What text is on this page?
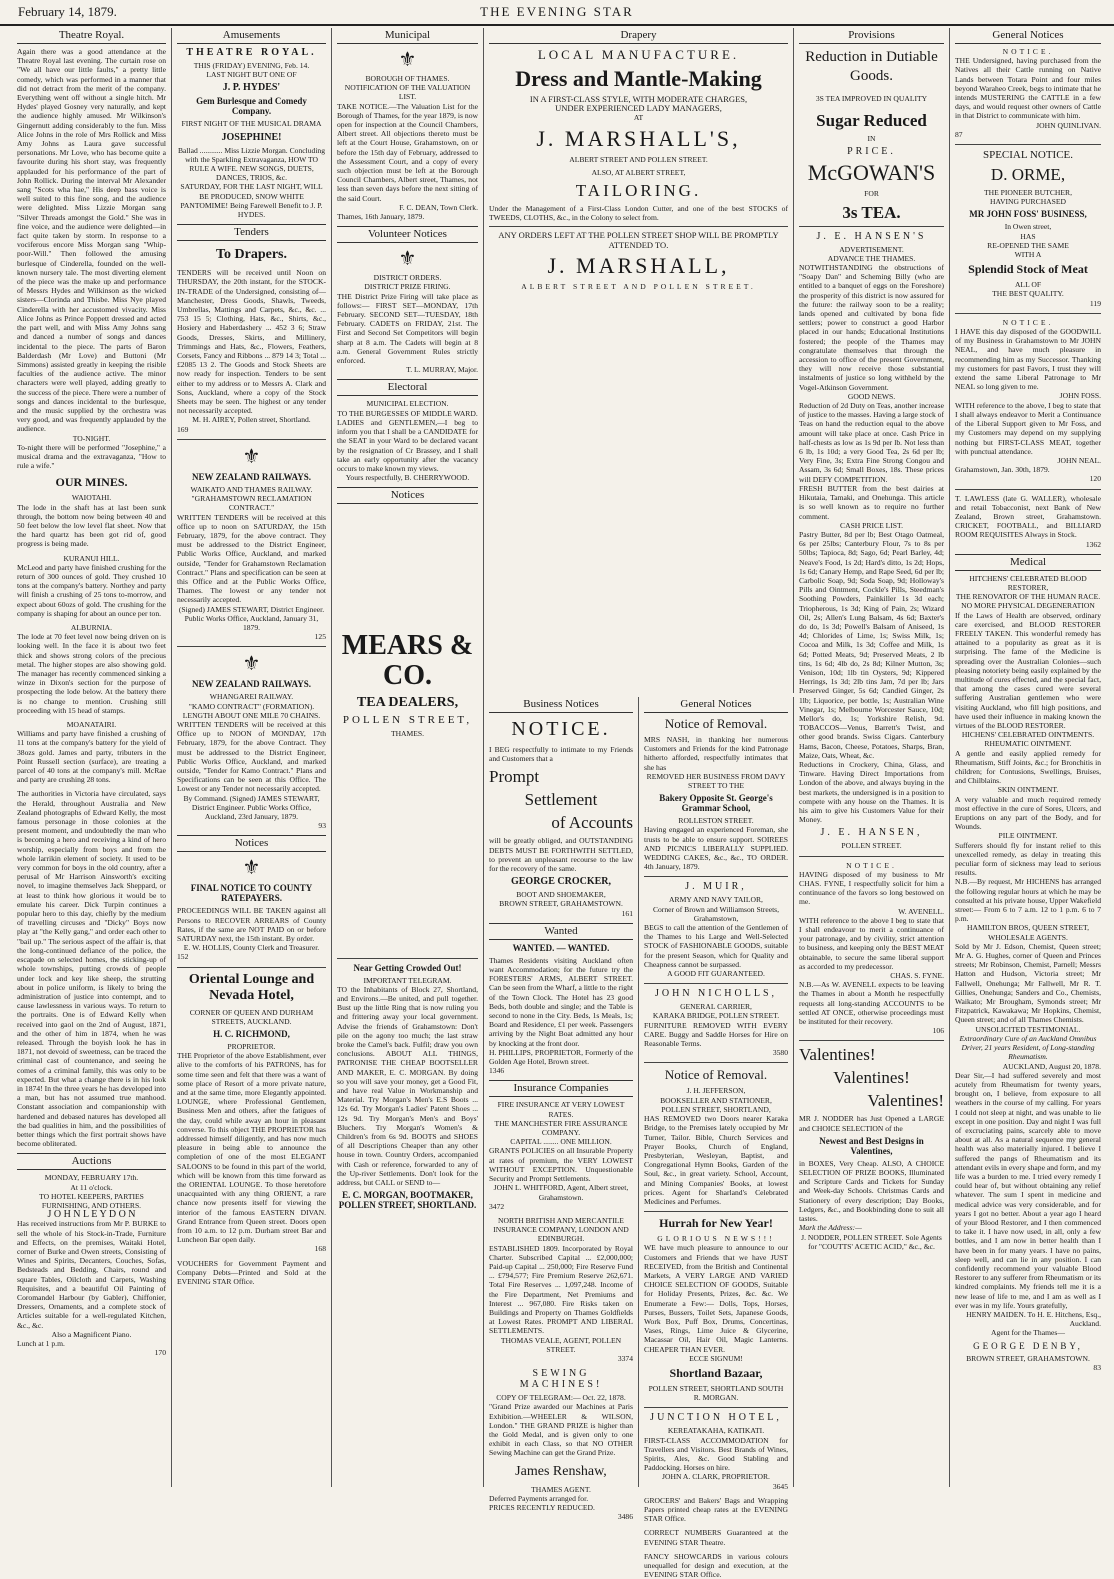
February 14, 1879.	THE EVENING STAR
Theatre Royal.
Again there was a good attendance at the Theatre Royal last evening. The curtain rose on "We all have our little faults," a pretty little comedy, which was performed in a manner that did not detract from the merit of the company. Everything went off without a single hitch. Mr Hydes' played Gosney very naturally, and kept the audience highly amused. Mr Wilkinson's Gingernutt adding considerably to the fun. Miss Alice Johns in the role of Mrs Rollick and Miss Amy Johns as Laura gave successful personations. Mr Love, who has become quite a favourite during his short stay, was frequently applauded for his performance of the part of John Rollick. During the interval Mr Alexander sang "Scots wha hae," His deep bass voice is well suited to this fine song, and the audience were delighted. Miss Lizzie Morgan sang "Silver Threads amongst the Gold." She was in fine voice, and the audience were delighted—in fact quite taken by storm. In response to a vociferous encore Miss Morgan sang "Whip-poor-Will." Then followed the amusing burlesque of Cinderella, founded on the well-known nursery tale. The most diverting element of the piece was the make up and performance of Messrs Hydes and Wilkinson as the wicked sisters—Clorinda and Thisbe. Miss Nye played Cinderella with her accustomed vivacity. Miss Alice Johns as Prince Poppett dressed and acted the part well, and with Miss Amy Johns sang and danced a number of songs and dances incidental to the piece. The parts of Baron Balderdash (Mr Love) and Buttoni (Mr Simmons) assisted greatly in keeping the risible faculties of the audience active. The minor characters were well played, adding greatly to the success of the piece. There were a number of songs and dances incidental to the burlesque, and the music supplied by the orchestra was very good, and was frequently applauded by the audience.
TO-NIGHT.
To-night there will be performed "Josephine," a musical drama and the extravaganza, "How to rule a wife."
OUR MINES.
WAIOTAHI.
The lode in the shaft has at last been sunk through, the bottom now being between 40 and 50 feet below the low level flat sheet. Now that the hard quartz has been got rid of, good progress is being made.
KURANUI HILL.
McLeod and party have finished crushing for the return of 300 ounces of gold. They crushed 10 tons at the company's battery. Northey and party will finish a crushing of 25 tons to-morrow, and expect about 60ozs of gold. The crushing for the company is shaping for about an ounce per ton.
ALBURNIA.
The lode at 70 feet level now being driven on is looking well. In the face it is about two feet thick and shows strong colors of the precious metal. The higher stopes are also showing gold. The manager has recently commenced sinking a winze in Dixon's section for the purpose of prospecting the lode below. At the battery there is no change to mention. Crushing still proceeding with 15 head of stamps.
MOANATAIRI.
Williams and party have finished a crushing of 11 tons at the company's battery for the yield of 38ozs gold. James and party, tributers in the Point Russell section (surface), are treating a parcel of 40 tons at the company's mill. McRae and party are crushing 28 tons.
The authorities in Victoria have circulated, says the Herald, throughout Australia and New Zealand photographs of Edward Kelly, the most famous personage in those colonies at the present moment, and undoubtedly the man who is becoming a hero and receiving a kind of hero worship, especially from boys and from the whole larrikin element of society. It used to be very common for boys in the old country, after a perusal of Mr Harrison Ainsworth's exciting novel, to imagine themselves Jack Sheppard, or at least to think how glorious it would be to emulate his career. Dick Turpin continues a popular hero to this day, chiefly by the medium of travelling circuses and "Dicky" Boys now play at "the Kelly gang," and order each other to "bail up." The serious aspect of the affair is, that the long-continued defiance of the police, the escapade on selected homes, the sticking-up of whole townships, putting crowds of people under lock and key like sheep, the strutting about in police uniform, is likely to bring the administration of justice into contempt, and to cause lawlessness in various ways. To return to the portraits. One is of Edward Kelly when received into gaol on the 2nd of August, 1871, and the other of him in 1874, when he was released. Through the boyish look he has in 1871, not devoid of sweetness, can be traced the criminal cast of countenance, and seeing he comes of a criminal family, this was only to be expected. But what a change there is in his look in 1874! In the three years he has developed into a man, but has not assumed true manhood. Constant association and companionship with hardened and debased natures has developed all the bad qualities in him, and the possibilities of better things which the first portrait shows have become obliterated.
Auctions
MONDAY, FEBRUARY 17th.
At 11 o'clock.
TO HOTEL KEEPERS, PARTIES FURNISHING, AND OTHERS.
J O H N L E Y D O N
Has received instructions from Mr P. BURKE to sell the whole of his Stock-in-Trade, Furniture and Effects, on the premises, Waitaki Hotel, corner of Burke and Owen streets, Consisting of Wines and Spirits, Decanters, Couches, Sofas, Bedsteads and Bedding, Chairs, round and square Tables, Oilcloth and Carpets, Washing Requisites, and a beautiful Oil Painting of Coromandel Harbour (by Gabler), Chiffonier, Dressers, Ornaments, and a complete stock of Articles suitable for a well-regulated Kitchen, &c., &c.
Also a Magnificent Piano.
Lunch at 1 p.m.
170
Amusements
THEATRE ROYAL.
THIS (FRIDAY) EVENING, Feb. 14.
LAST NIGHT BUT ONE OF
J. P. HYDES'
Gem Burlesque and Comedy Company.
FIRST NIGHT OF THE MUSICAL DRAMA
JOSEPHINE!
Ballad ............ Miss Lizzie Morgan. Concluding with the Sparkling Extravaganza, HOW TO RULE A WIFE. NEW SONGS, DUETS, DANCES, TRIOS, &c.
SATURDAY, FOR THE LAST NIGHT, WILL BE PRODUCED, SNOW WHITE PANTOMIME! Being Farewell Benefit to J. P. HYDES.
Tenders
To Drapers.
TENDERS will be received until Noon on THURSDAY, the 20th instant, for the STOCK-IN-TRADE of the Undersigned, consisting of— Manchester, Dress Goods, Shawls, Tweeds, Umbrellas, Mattings and Carpets, &c., &c. ... 753 15 5; Clothing, Hats, &c., Shirts, &c., Hosiery and Haberdashery ... 452 3 6; Straw Goods, Dresses, Skirts, and Millinery, Trimmings and Hats, &c., Flowers, Feathers, Corsets, Fancy and Ribbons ... 879 14 3; Total ... £2085 13 2. The Goods and Stock Sheets are now ready for inspection. Tenders to be sent either to my address or to Messrs A. Clark and Sons, Auckland, where a copy of the Stock Sheets may be seen. The highest or any tender not necessarily accepted.
M. H. AIREY, Pollen street, Shortland.
169
⚜
NEW ZEALAND RAILWAYS.
WAIKATO AND THAMES RAILWAY.
"GRAHAMSTOWN RECLAMATION CONTRACT."
WRITTEN TENDERS will be received at this office up to noon on SATURDAY, the 15th February, 1879, for the above contract. They must be addressed to the District Engineer, Public Works Office, Auckland, and marked outside, "Tender for Grahamstown Reclamation Contract." Plans and specification can be seen at this Office and at the Public Works Office, Thames. The lowest or any tender not necessarily accepted.
(Signed) JAMES STEWART, District Engineer. Public Works Office, Auckland, January 31, 1879.
125
⚜
NEW ZEALAND RAILWAYS.
WHANGAREI RAILWAY.
"KAMO CONTRACT" (FORMATION).
LENGTH ABOUT ONE MILE 70 CHAINS.
WRITTEN TENDERS will be received at this Office up to NOON of MONDAY, 17th February, 1879, for the above Contract. They must be addressed to the District Engineer, Public Works Office, Auckland, and marked outside, "Tender for Kamo Contract." Plans and Specifications can be seen at this Office. The Lowest or any Tender not necessarily accepted.
By Command. (Signed) JAMES STEWART, District Engineer. Public Works Office, Auckland, 23rd January, 1879.
93
Notices
⚜
FINAL NOTICE TO COUNTY RATEPAYERS.
PROCEEDINGS WILL BE TAKEN against all Persons to RECOVER ARREARS of County Rates, if the same are NOT PAID on or before SATURDAY next, the 15th instant. By order.
E. W. HOLLIS, County Clerk and Treasurer.
152
Oriental Lounge and Nevada Hotel,
CORNER OF QUEEN AND DURHAM STREETS, AUCKLAND.
H. C. RICHMOND,
PROPRIETOR.
THE Proprietor of the above Establishment, ever alive to the comforts of his PATRONS, has for some time seen and felt that there was a want of some place of Resort of a more private nature, and at the same time, more Elegantly appointed. LOUNGE, where Professional Gentlemen, Business Men and others, after the fatigues of the day, could while away an hour in pleasant converse. To this object THE PROPRIETOR has addressed himself diligently, and has now much pleasure in being able to announce the completion of one of the most ELEGANT SALOONS to be found in this part of the world, which will be known from this time forward as the ORIENTAL LOUNGE. To those heretofore unacquainted with any thing ORIENT, a rare chance now presents itself for viewing the interior of the famous EASTERN DIVAN. Grand Entrance from Queen street. Doors open from 10 a.m. to 12 p.m. Durham street Bar and Luncheon Bar open daily.
168
VOUCHERS for Government Payment and Company Debts—Printed and Sold at the EVENING STAR Office.
Municipal
⚜
BOROUGH OF THAMES.
NOTIFICATION OF THE VALUATION LIST.
TAKE NOTICE.—The Valuation List for the Borough of Thames, for the year 1879, is now open for inspection at the Council Chambers, Albert street. All objections thereto must be left at the Court House, Grahamstown, on or before the 15th day of February, addressed to the Assessment Court, and a copy of every such objection must be left at the Borough Council Chambers, Albert street, Thames, not less than seven days before the next sitting of the said Court.
F. C. DEAN, Town Clerk.
Thames, 16th January, 1879.
Volunteer Notices
⚜
DISTRICT ORDERS.
DISTRICT PRIZE FIRING.
THE District Prize Firing will take place as follows:— FIRST SET—MONDAY, 17th February. SECOND SET—TUESDAY, 18th February. CADETS on FRIDAY, 21st. The First and Second Set Competitors will begin sharp at 8 a.m. The Cadets will begin at 8 a.m. General Government Rules strictly enforced.
T. L. MURRAY, Major.
Electoral
MUNICIPAL ELECTION.
TO THE BURGESSES OF MIDDLE WARD.
LADIES and GENTLEMEN,—I beg to inform you that I shall be a CANDIDATE for the SEAT in your Ward to be declared vacant by the resignation of Cr Brassey, and I shall take an early opportunity after the vacancy occurs to make known my views.
Yours respectfully, B. CHERRYWOOD.
Notices
MEARS & CO.
TEA DEALERS,
POLLEN STREET,
THAMES.
Near Getting Crowded Out!
IMPORTANT TELEGRAM.
TO the Inhabitants of Block 27, Shortland, and Environs.—Be united, and pull together. Bust up the little Ring that is now ruling you and frittering away your local government. Advise the friends of Grahamstown: Don't pile on the agony too much; the last straw broke the Camel's back. Fulfil; draw you own conclusions. ABOUT ALL THINGS, PATRONISE THE CHEAP BOOTSELLER AND MAKER, E. C. MORGAN. By doing so you will save your money, get a Good Fit, and have real Value in Workmanship and Material. Try Morgan's Men's E.S Boots ... 12s 6d. Try Morgan's Ladies' Patent Shoes ... 12s 9d. Try Morgan's Men's and Boys' Bluchers. Try Morgan's Women's & Children's from 6s 9d. BOOTS and SHOES of all Descriptions Cheaper than any other house in town. Country Orders, accompanied with Cash or reference, forwarded to any of the Up-river Settlements. Don't look for the address, but CALL or SEND to—
E. C. MORGAN, BOOTMAKER, POLLEN STREET, SHORTLAND.
Drapery
LOCAL MANUFACTURE.
Dress and Mantle-Making
IN A FIRST-CLASS STYLE, WITH MODERATE CHARGES,
UNDER EXPERIENCED LADY MANAGERS,
AT
J. MARSHALL'S,
ALBERT STREET AND POLLEN STREET.
ALSO, AT ALBERT STREET,
TAILORING.
Under the Management of a First-Class London Cutter, and one of the best STOCKS of TWEEDS, CLOTHS, &c., in the Colony to select from.
ANY ORDERS LEFT AT THE POLLEN STREET SHOP WILL BE PROMPTLY ATTENDED TO.
J. MARSHALL,
ALBERT STREET AND POLLEN STREET.
Business Notices
NOTICE.
I BEG respectfully to intimate to my Friends and Customers that a
Prompt
Settlement
of Accounts
will be greatly obliged, and OUTSTANDING DEBTS MUST BE FORTHWITH SETTLED, to prevent an unpleasant recourse to the law for the recovery of the same.
GEORGE CROCKER,
BOOT AND SHOEMAKER,
BROWN STREET, GRAHAMSTOWN.
161
Wanted
WANTED. — WANTED.
Thames Residents visiting Auckland often want Accommodation; for the future try the FORESTERS' ARMS, ALBERT STREET. Can be seen from the Wharf, a little to the right of the Town Clock. The Hotel has 23 good Beds, both double and single; and the Table is second to none in the City. Beds, 1s Meals, 1s; Board and Residence, £1 per week. Passengers arriving by the Night Boat admitted any hour by knocking at the front door.
H. PHILLIPS, PROPRIETOR, Formerly of the Golden Age Hotel, Brown street.
1346
Insurance Companies
FIRE INSURANCE AT VERY LOWEST RATES.
THE MANCHESTER FIRE ASSURANCE COMPANY.
CAPITAL ........ ONE MILLION.
GRANTS POLICIES on all Insurable Property at rates of premium, the VERY LOWEST WITHOUT EXCEPTION. Unquestionable Security and Prompt Settlements.
JOHN L. WHITFORD, Agent, Albert street, Grahamstown.
3472
NORTH BRITISH AND MERCANTILE INSURANCE COMPANY, LONDON AND EDINBURGH.
ESTABLISHED 1809. Incorporated by Royal Charter. Subscribed Capital ... £2,000,000; Paid-up Capital ... 250,000; Fire Reserve Fund ... £794,577; Fire Premium Reserve 262,671. Total Fire Reserves ... 1,097,248. Income of the Fire Department, Net Premiums and Interest ... 967,080. Fire Risks taken on Buildings and Property on Thames Goldfields at Lowest Rates. PROMPT AND LIBERAL SETTLEMENTS.
THOMAS VEALE, AGENT, POLLEN STREET.
3374
SEWING MACHINES!
COPY OF TELEGRAM:— Oct. 22, 1878.
"Grand Prize awarded our Machines at Paris Exhibition.—WHEELER & WILSON, London." THE GRAND PRIZE is higher than the Gold Medal, and is given only to one exhibit in each Class, so that NO OTHER Sewing Machine can get the Grand Prize.
James Renshaw,
THAMES AGENT.
Deferred Payments arranged for.
PRICES RECENTLY REDUCED.
3486
General Notices
Notice of Removal.
MRS NASH, in thanking her numerous Customers and Friends for the kind Patronage hitherto afforded, respectfully intimates that she has
REMOVED HER BUSINESS FROM DAVY STREET TO THE
Bakery Opposite St. George's Grammar School,
ROLLESTON STREET.
Having engaged an experienced Foreman, she trusts to be able to ensure support. SOIREES AND PICNICS LIBERALLY SUPPLIED. WEDDING CAKES, &c., &c., TO ORDER. 4th January, 1879.
J. MUIR,
ARMY AND NAVY TAILOR,
Corner of Brown and Williamson Streets, Grahamstown,
BEGS to call the attention of the Gentlemen of the Thames to his Large and Well-Selected STOCK of FASHIONABLE GOODS, suitable for the present Season, which for Quality and Cheapness cannot be surpassed.
A GOOD FIT GUARANTEED.
JOHN NICHOLLS,
GENERAL CARRIER,
KARAKA BRIDGE, POLLEN STREET.
FURNITURE REMOVED WITH EVERY CARE. Buggy and Saddle Horses for Hire on Reasonable Terms.
3580
Notice of Removal.
J. H. JEFFERSON,
BOOKSELLER AND STATIONER,
POLLEN STREET, SHORTLAND,
HAS REMOVED two Doors nearer Karaka Bridge, to the Premises lately occupied by Mr Turner, Tailor. Bible, Church Services and Prayer Books, Church of England, Presbyterian, Wesleyan, Baptist, and Congregational Hymn Books, Garden of the Soul, &c., in great variety. School, Account, and Mining Companies' Books, at lowest prices. Agent for Sharland's Celebrated Medicines and Perfumes.
Hurrah for New Year!
GLORIOUS NEWS!!!
WE have much pleasure to announce to our Customers and Friends that we have JUST RECEIVED, from the British and Continental Markets, A VERY LARGE AND VARIED CHOICE SELECTION OF GOODS, Suitable for Holiday Presents, Prizes, &c. &c. We Enumerate a Few:— Dolls, Tops, Horses, Purses, Bussers, Toilet Sets, Japanese Goods, Work Box, Puff Box, Drums, Concertinas, Vases, Rings, Lime Juice & Glycerine, Macassar Oil, Hair Oil, Magic Lanterns. CHEAPER THAN EVER.
ECCE SIGNUM!
Shortland Bazaar,
POLLEN STREET, SHORTLAND SOUTH
R. MORGAN.
JUNCTION HOTEL,
KEREATAKAHA, KATIKATI.
FIRST-CLASS ACCOMMODATION for Travellers and Visitors. Best Brands of Wines, Spirits, Ales, &c. Good Stabling and Paddocking. Horses on hire.
JOHN A. CLARK, PROPRIETOR.
3645
GROCERS' and Bakers' Bags and Wrapping Papers printed cheap rates at the EVENING STAR Office.
CORRECT NUMBERS Guaranteed at the EVENING STAR Theatre.
FANCY SHOWCARDS in various colours unequalled for design and execution, at the EVENING STAR Office.
Provisions
Reduction in Dutiable Goods.
3S TEA IMPROVED IN QUALITY
Sugar Reduced
IN
PRICE.
McGOWAN'S
FOR
3s TEA.
J. E. HANSEN'S
ADVERTISEMENT.
ADVANCE THE THAMES.
NOTWITHSTANDING the obstructions of "Soapy Dan" and Scheming Billy (who are entitled to a banquet of eggs on the Foreshore) the prosperity of this district is now assured for the future: the railway soon to be a reality; lands opened and cultivated by bona fide settlers; power to construct a good Harbor placed in our hands; Educational Institutions fostered; the people of the Thames may congratulate themselves that through the accession to office of the present Government, they will now receive those substantial instalments of justice so long withheld by the Vogel-Atkinson Government.
GOOD NEWS.
Reduction of 2d Duty on Teas, another increase of justice to the masses. Having a large stock of Teas on hand the reduction equal to the above amount will take place at once. Cash Price in half-chests as low as 1s 9d per lb. Not less than 6 lb, 1s 10d; a very Good Tea, 2s 6d per lb; Very Fine, 3s; Extra Fine Strong Congou and Assam, 3s 6d; Small Boxes, 18s. These prices will DEFY COMPETITION.
FRESH BUTTER from the best dairies at Hikutaia, Tamaki, and Onehunga. This article is so well known as to require no further comment.
CASH PRICE LIST.
Pastry Butter, 8d per lb; Best Otago Oatmeal, 6s per 25lbs; Canterbury Flour, 7s to 8s per 50lbs; Tapioca, 8d; Sago, 6d; Pearl Barley, 4d; Neave's Food, 1s 2d; Hard's ditto, 1s 2d; Hops, 1s 6d; Canary Hemp, and Rape Seed, 6d per lb; Carbolic Soap, 9d; Soda Soap, 9d; Holloway's Pills and Ointment, Cockle's Pills, Steedman's Soothing Powders, Painkiller 1s 3d each; Triopherous, 1s 3d; King of Pain, 2s; Wizard Oil, 2s; Allen's Lung Balsam, 4s 6d; Baxter's do do, 1s 3d; Powell's Balsam of Aniseed, 1s 4d; Chlorides of Lime, 1s; Swiss Milk, 1s; Cocoa and Milk, 1s 3d; Coffee and Milk, 1s 6d; Potted Meats, 9d; Preserved Meats, 2 lb tins, 1s 6d; 4lb do, 2s 8d; Kilner Mutton, 3s; Venison, 10d; 1lb tin Oysters, 9d; Kippered Herrings, 1s 3d; 2lb tins Jam, 7d per lb; Jars Preserved Ginger, 5s 6d; Candied Ginger, 2s 1lb; Liquorice, per bottle, 1s; Australian Wine Vinegar, 1s; Melbourne Worcester Sauce, 10d; Mellor's do, 1s; Yorkshire Relish, 9d. TOBACCOS—Venus, Barrett's Twist, and other good brands. Swiss Cigars. Canterbury Hams, Bacon, Cheese, Potatoes, Sharps, Bran, Maize, Oats, Wheat, &c.
Reductions in Crockery, China, Glass, and Tinware. Having Direct Importations from London of the above, and always buying in the best markets, the undersigned is in a position to compete with any house on the Thames. It is his aim to give his Customers Value for their Money.
J. E. HANSEN,
POLLEN STREET.
NOTICE.
HAVING disposed of my business to Mr CHAS. FYNE, I respectfully solicit for him a continuance of the favors so long bestowed on me.
W. AVENELL.
WITH reference to the above I beg to state that I shall endeavour to merit a continuance of your patronage, and by civility, strict attention to business, and keeping only the BEST MEAT obtainable, to secure the same liberal support as accorded to my predecessor.
CHAS. S. FYNE.
N.B.—As W. AVENELL expects to be leaving the Thames in about a Month he respectfully requests all long-standing ACCOUNTS to be settled AT ONCE, otherwise proceedings must be instituted for their recovery.
106
Valentines!
Valentines!
Valentines!
MR J. NODDER has Just Opened a LARGE and CHOICE SELECTION of the
Newest and Best Designs in Valentines,
in BOXES, Very Cheap. ALSO, A CHOICE SELECTION OF PRIZE BOOKS, Illuminated and Scripture Cards and Tickets for Sunday and Week-day Schools. Christmas Cards and Stationery of every description; Day Books, Ledgers, &c., and Bookbinding done to suit all tastes.
Mark the Address:—
J. NODDER, POLLEN STREET. Sole Agents for "COUTTS' ACETIC ACID," &c., &c.
General Notices
NOTICE.
THE Undersigned, having purchased from the Natives all their Cattle running on Native Lands between Totara Point and four miles beyond Waraheo Creek, begs to intimate that he intends MUSTERING the CATTLE in a few days, and would request other owners of Cattle in that District to communicate with him.
JOHN QUINLIVAN.
87
SPECIAL NOTICE.
D. ORME,
THE PIONEER BUTCHER,
HAVING PURCHASED
MR JOHN FOSS' BUSINESS,
In Owen street,
HAS
RE-OPENED THE SAME
WITH A
Splendid Stock of Meat
ALL OF
THE BEST QUALITY.
119
NOTICE.
I HAVE this day disposed of the GOODWILL of my Business in Grahamstown to Mr JOHN NEAL, and have much pleasure in recommending him as my Successor. Thanking my customers for past Favors, I trust they will extend the same Liberal Patronage to Mr NEAL so long given to me.
JOHN FOSS.
WITH reference to the above, I beg to state that I shall always endeavor to Merit a Continuance of the Liberal Support given to Mr Foss, and my Customers may depend on my supplying nothing but FIRST-CLASS MEAT, together with punctual attendance.
JOHN NEAL.
Grahamstown, Jan. 30th, 1879.
120
T. LAWLESS (late G. WALLER), wholesale and retail Tobacconist, next Bank of New Zealand, Brown street, Grahamstown. CRICKET, FOOTBALL, and BILLIARD ROOM REQUISITES Always in Stock.
1362
Medical
HITCHENS' CELEBRATED BLOOD RESTORER,
THE RENOVATOR OF THE HUMAN RACE.
NO MORE PHYSICAL DEGENERATION
If the Laws of Health are observed, ordinary care exercised, and BLOOD RESTORER FREELY TAKEN. This wonderful remedy has attained to a popularity as great as it is surprising. The fame of the Medicine is spreading over the Australian Colonies—such pleasing notoriety being easily explained by the multitude of cures effected, and the special fact, that among the cases cured were several suffering Australian gentlemen who were visiting Auckland, who fill high positions, and have used their influence in making known the virtues of the BLOOD RESTORER.
HICHENS' CELEBRATED OINTMENTS.
RHEUMATIC OINTMENT.
A gentle and easily applied remedy for Rheumatism, Stiff Joints, &c.; for Bronchitis in children; for Contusions, Swellings, Bruises, and Chilblains.
SKIN OINTMENT.
A very valuable and much required remedy most effective in the cure of Sores, Ulcers, and Eruptions on any part of the Body, and for Wounds.
PILE OINTMENT.
Sufferers should fly for instant relief to this unexcelled remedy, as delay in treating this peculiar form of sickness may lead to serious results.
N.B.—By request, Mr HICHENS has arranged the following regular hours at which he may be consulted at his private house, Upper Wakefield street:— From 6 to 7 a.m. 12 to 1 p.m. 6 to 7 p.m.
HAMILTON BROS, QUEEN STREET, WHOLESALE AGENTS.
Sold by Mr J. Edson, Chemist, Queen street; Mr A. G. Hughes, corner of Queen and Princes streets; Mr Robinson, Chemist, Parnell; Messrs Hatton and Hudson, Victoria street; Mr Fallwell, Onehunga; Mr Fallwell, Mr R. T. Gillies, Onehunga; Sanders and Co., Chemists, Waikato; Mr Brougham, Symonds street; Mr Fitzpatrick, Kawakawa; Mr Hopkins, Chemist, Queen street; and of all Thames Chemists.
UNSOLICITED TESTIMONIAL.
Extraordinary Cure of an Auckland Omnibus Driver, 21 years Resident, of Long-standing Rheumatism.
AUCKLAND, August 20, 1878.
Dear Sir,—I had suffered severely and most acutely from Rheumatism for twenty years, brought on, I believe, from exposure to all weathers in the course of my calling. For years I could not sleep at night, and was unable to lie except in one position. Day and night I was full of excruciating pains, scarcely able to move about at all. As a natural sequence my general health was also materially injured. I believe I suffered the pangs of Rheumatism and its attendant evils in every shape and form, and my life was a burden to me. I tried every remedy I could hear of, but without obtaining any relief whatever. The sum I spent in medicine and medical advice was very considerable, and for years I got no better. About a year ago I heard of your Blood Restorer, and I then commenced to take it. I have now used, in all, only a few bottles, and I am now in better health than I have been in for many years. I have no pains, sleep well, and can lie in any position. I can confidently recommend your valuable Blood Restorer to any sufferer from Rheumatism or its kindred complaints. My friends tell me it is a new lease of life to me, and I am as well as I ever was in my life. Yours gratefully,
HENRY MAIDEN. To H. E. Hitchens, Esq., Auckland.
Agent for the Thames—
GEORGE DENBY,
BROWN STREET, GRAHAMSTOWN.
83
